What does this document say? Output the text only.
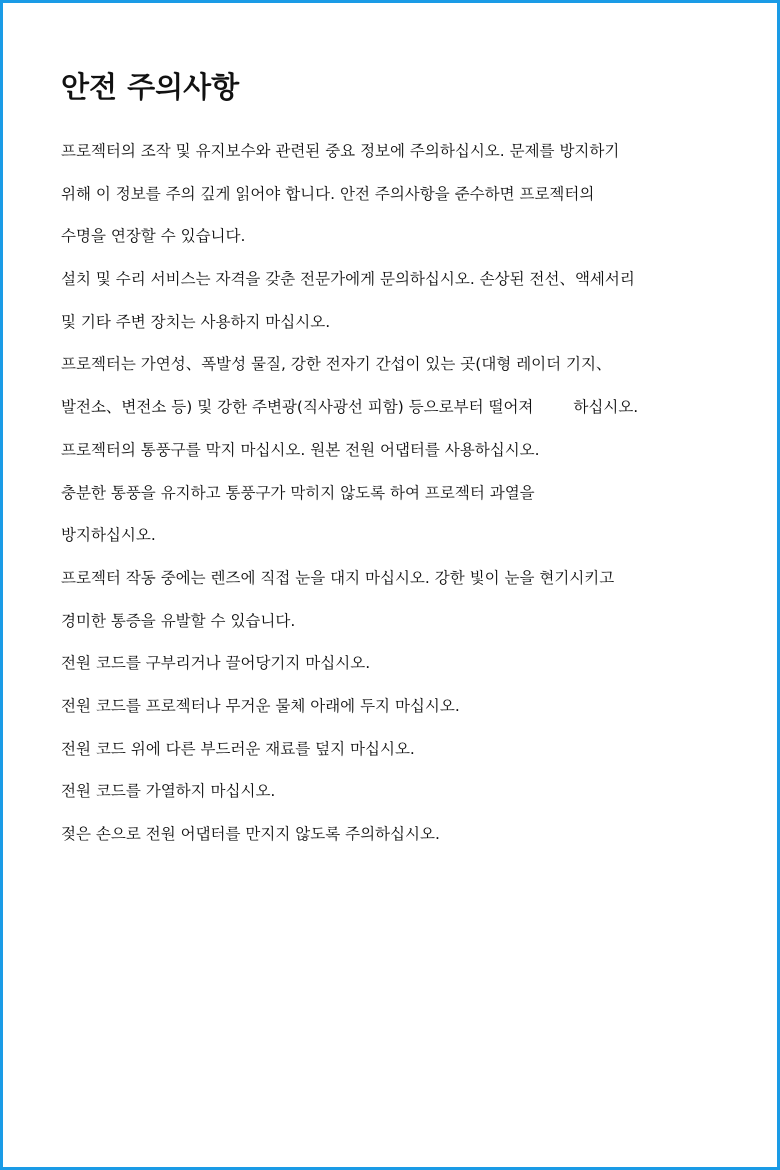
안전 주의사항
프로젝터의 조작 및 유지보수와 관련된 중요 정보에 주의하십시오. 문제를 방지하기
위해 이 정보를 주의 깊게 읽어야 합니다. 안전 주의사항을 준수하면 프로젝터의
수명을 연장할 수 있습니다.
설치 및 수리 서비스는 자격을 갖춘 전문가에게 문의하십시오. 손상된 전선、액세서리
및 기타 주변 장치는 사용하지 마십시오.
프로젝터는 가연성、폭발성 물질, 강한 전자기 간섭이 있는 곳(대형 레이더 기지、
발전소、변전소 등) 및 강한 주변광(직사광선 피함) 등으로부터 떨어져	하십시오.
프로젝터의 통풍구를 막지 마십시오. 원본 전원 어댑터를 사용하십시오.
충분한 통풍을 유지하고 통풍구가 막히지 않도록 하여 프로젝터 과열을
방지하십시오.
프로젝터 작동 중에는 렌즈에 직접 눈을 대지 마십시오. 강한 빛이 눈을 현기시키고
경미한 통증을 유발할 수 있습니다.
전원 코드를 구부리거나 끌어당기지 마십시오.
전원 코드를 프로젝터나 무거운 물체 아래에 두지 마십시오.
전원 코드 위에 다른 부드러운 재료를 덮지 마십시오.
전원 코드를 가열하지 마십시오.
젖은 손으로 전원 어댑터를 만지지 않도록 주의하십시오.
